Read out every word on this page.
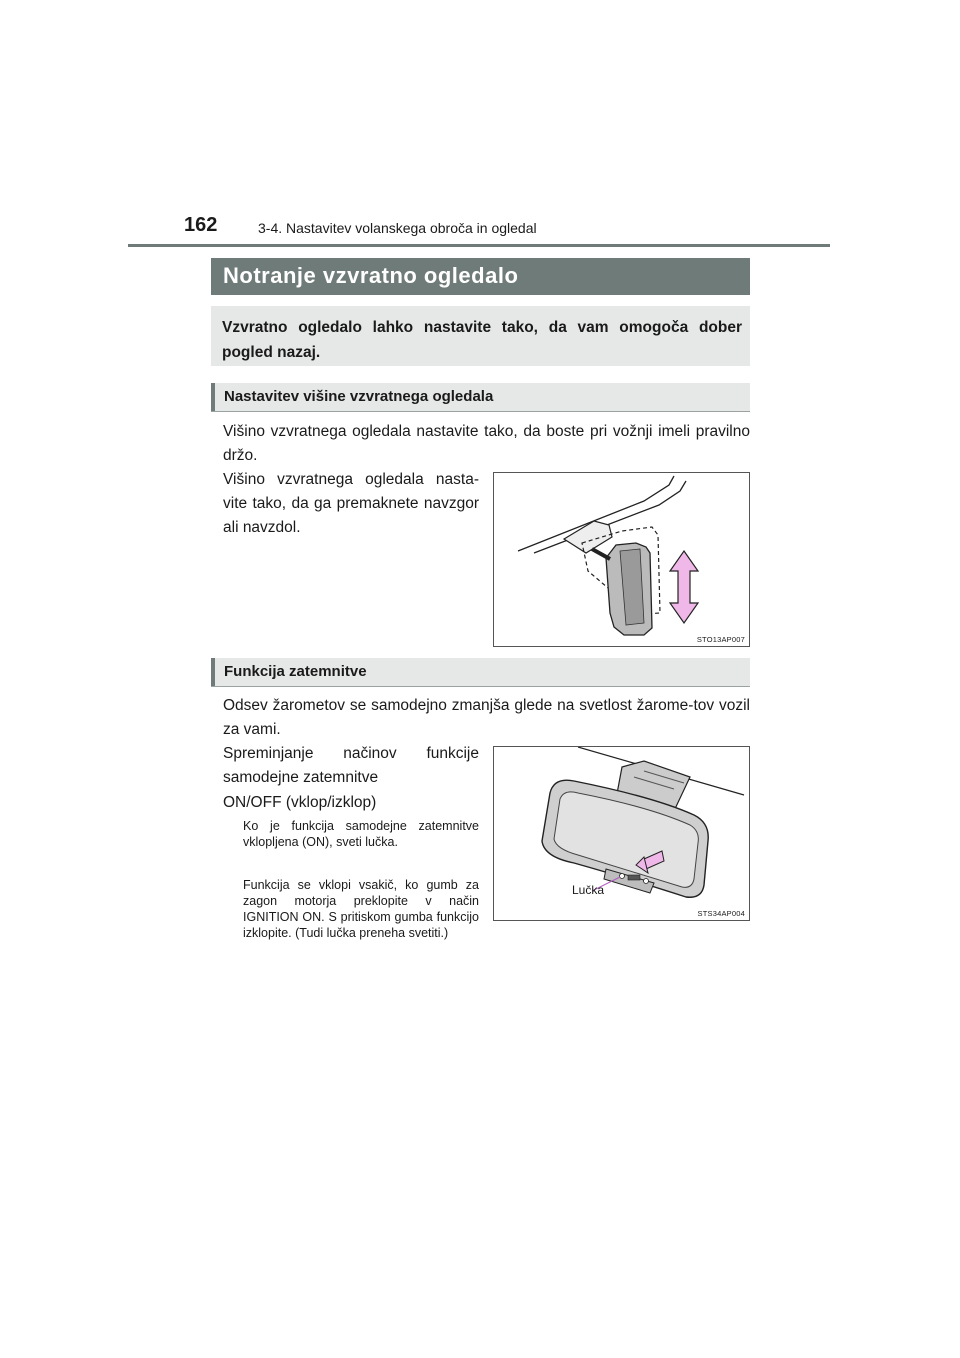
162	3-4. Nastavitev volanskega obroča in ogledal
Notranje vzvratno ogledalo
Vzvratno ogledalo lahko nastavite tako, da vam omogoča dober pogled nazaj.
Nastavitev višine vzvratnega ogledala
Višino vzvratnega ogledala nastavite tako, da boste pri vožnji imeli pravilno držo.
Višino vzvratnega ogledala nasta-vite tako, da ga premaknete navzgor ali navzdol.
STO13AP007
Funkcija zatemnitve
Odsev žarometov se samodejno zmanjša glede na svetlost žarome-tov vozil za vami.
Spreminjanje načinov funkcije samodejne zatemnitve
ON/OFF (vklop/izklop)
Ko je funkcija samodejne zatemnitve vklopljena (ON), sveti lučka.
Funkcija se vklopi vsakič, ko gumb za zagon motorja preklopite v način IGNITION ON. S pritiskom gumba funkcijo izklopite. (Tudi lučka preneha svetiti.)
Lučka
STS34AP004
